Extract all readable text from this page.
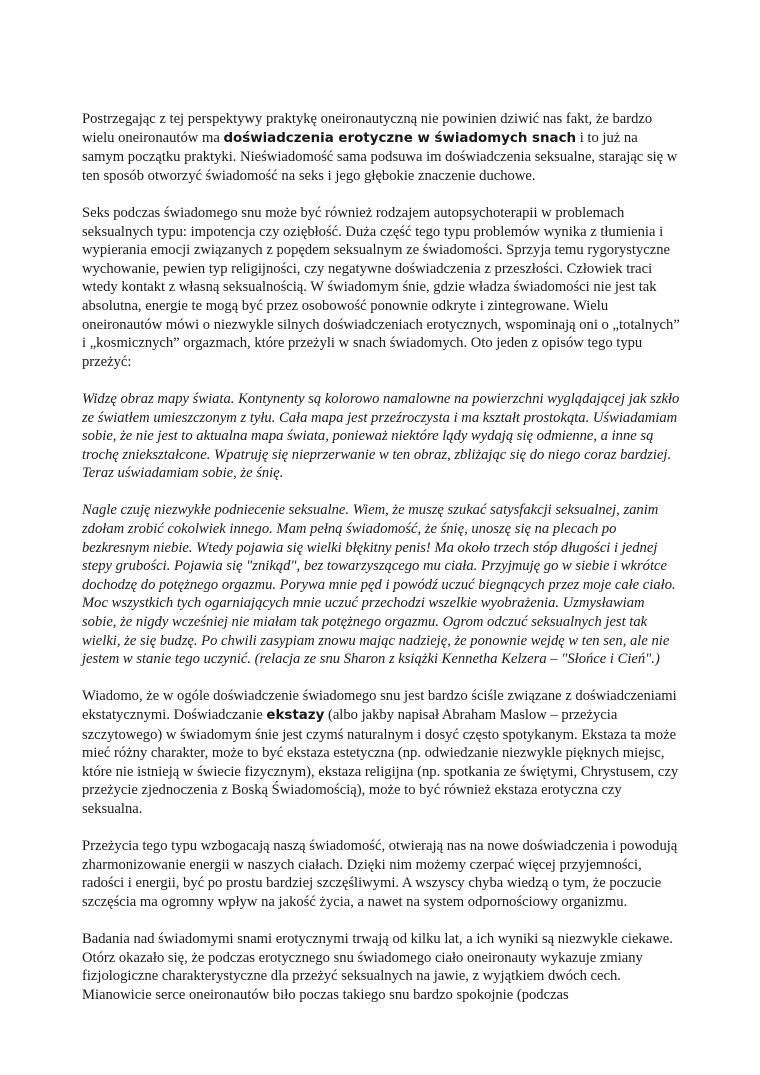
Postrzegając z tej perspektywy praktykę oneironautyczną nie powinien dziwić nas fakt, że bardzo wielu oneironautów ma doświadczenia erotyczne w świadomych snach i to już na samym początku praktyki. Nieświadomość sama podsuwa im doświadczenia seksualne, starając się w ten sposób otworzyć świadomość na seks i jego głębokie znaczenie duchowe.

Seks podczas świadomego snu może być również rodzajem autopsychoterapii w problemach seksualnych typu: impotencja czy oziębłość. Duża część tego typu problemów wynika z tłumienia i wypierania emocji związanych z popędem seksualnym ze świadomości. Sprzyja temu rygorystyczne wychowanie, pewien typ religijności, czy negatywne doświadczenia z przeszłości. Człowiek traci wtedy kontakt z własną seksualnością. W świadomym śnie, gdzie władza świadomości nie jest tak absolutna, energie te mogą być przez osobowość ponownie odkryte i zintegrowane. Wielu oneironautów mówi o niezwykle silnych doświadczeniach erotycznych, wspominają oni o „totalnych” i „kosmicznych” orgazmach, które przeżyli w snach świadomych. Oto jeden z opisów tego typu przeżyć:

Widzę obraz mapy świata. Kontynenty są kolorowo namalowne na powierzchni wyglądającej jak szkło ze światłem umieszczonym z tyłu. Cała mapa jest przeźroczysta i ma kształt prostokąta. Uświadamiam sobie, że nie jest to aktualna mapa świata, ponieważ niektóre lądy wydają się odmienne, a inne są trochę zniekształcone. Wpatruję się nieprzerwanie w ten obraz, zbliżając się do niego coraz bardziej. Teraz uświadamiam sobie, że śnię.

Nagle czuję niezwykłe podniecenie seksualne. Wiem, że muszę szukać satysfakcji seksualnej, zanim zdołam zrobić cokolwiek innego. Mam pełną świadomość, że śnię, unoszę się na plecach po bezkresnym niebie. Wtedy pojawia się wielki błękitny penis! Ma około trzech stóp długości i jednej stepy grubości. Pojawia się "znikąd", bez towarzyszącego mu ciała. Przyjmuję go w siebie i wkrótce dochodzę do potężnego orgazmu. Porywa mnie pęd i powódź uczuć biegnących przez moje całe ciało. Moc wszystkich tych ogarniających mnie uczuć przechodzi wszelkie wyobrażenia. Uzmysławiam sobie, że nigdy wcześniej nie miałam tak potężnego orgazmu. Ogrom odczuć seksualnych jest tak wielki, że się budzę. Po chwili zasypiam znowu mając nadzieję, że ponownie wejdę w ten sen, ale nie jestem w stanie tego uczynić. (relacja ze snu Sharon z książki Kennetha Kelzera – "Słońce i Cień".)

Wiadomo, że w ogóle doświadczenie świadomego snu jest bardzo ściśle związane z doświadczeniami ekstatycznymi. Doświadczanie ekstazy (albo jakby napisał Abraham Maslow – przeżycia szczytowego) w świadomym śnie jest czymś naturalnym i dosyć często spotykanym. Ekstaza ta może mieć różny charakter, może to być ekstaza estetyczna (np. odwiedzanie niezwykle pięknych miejsc, które nie istnieją w świecie fizycznym), ekstaza religijna (np. spotkania ze świętymi, Chrystusem, czy przeżycie zjednoczenia z Boską Świadomością), może to być również ekstaza erotyczna czy seksualna.

Przeżycia tego typu wzbogacają naszą świadomość, otwierają nas na nowe doświadczenia i powodują zharmonizowanie energii w naszych ciałach. Dzięki nim możemy czerpać więcej przyjemności, radości i energii, być po prostu bardziej szczęśliwymi. A wszyscy chyba wiedzą o tym, że poczucie szczęścia ma ogromny wpływ na jakość życia, a nawet na system odpornościowy organizmu.

Badania nad świadomymi snami erotycznymi trwają od kilku lat, a ich wyniki są niezwykle ciekawe. Otórz okazało się, że podczas erotycznego snu świadomego ciało oneironauty wykazuje zmiany fizjologiczne charakterystyczne dla przeżyć seksualnych na jawie, z wyjątkiem dwóch cech. Mianowicie serce oneironautów biło poczas takiego snu bardzo spokojnie (podczas
